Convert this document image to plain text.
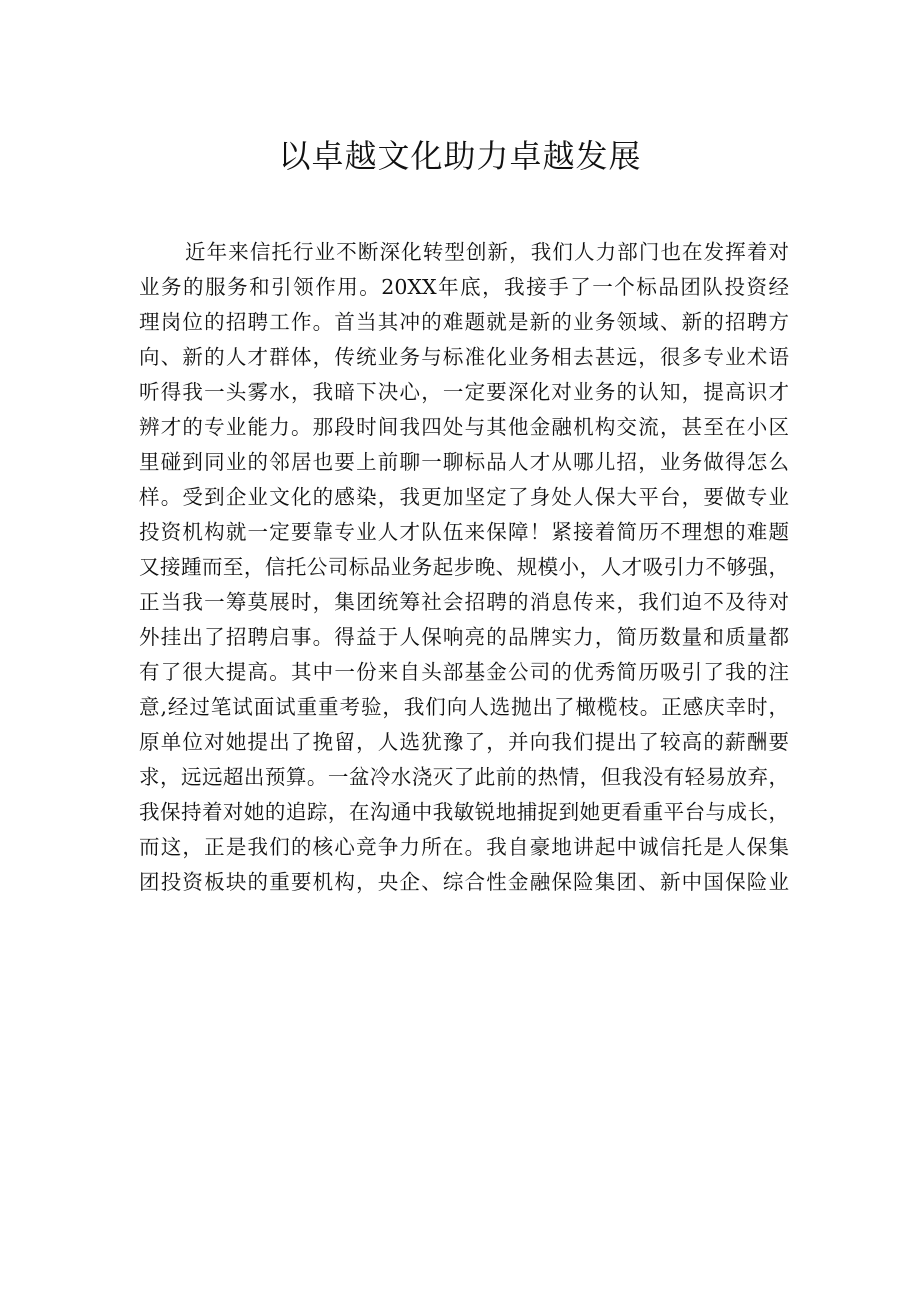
以卓越文化助力卓越发展
近年来信托行业不断深化转型创新，我们人力部门也在发挥着对
业务的服务和引领作用。20XX年底，我接手了一个标品团队投资经
理岗位的招聘工作。首当其冲的难题就是新的业务领域、新的招聘方
向、新的人才群体，传统业务与标准化业务相去甚远，很多专业术语
听得我一头雾水，我暗下决心，一定要深化对业务的认知，提高识才
辨才的专业能力。那段时间我四处与其他金融机构交流，甚至在小区
里碰到同业的邻居也要上前聊一聊标品人才从哪儿招，业务做得怎么
样。受到企业文化的感染，我更加坚定了身处人保大平台，要做专业
投资机构就一定要靠专业人才队伍来保障！紧接着简历不理想的难题
又接踵而至，信托公司标品业务起步晚、规模小，人才吸引力不够强，
正当我一筹莫展时，集团统筹社会招聘的消息传来，我们迫不及待对
外挂出了招聘启事。得益于人保响亮的品牌实力，简历数量和质量都
有了很大提高。其中一份来自头部基金公司的优秀简历吸引了我的注
意,经过笔试面试重重考验，我们向人选抛出了橄榄枝。正感庆幸时，
原单位对她提出了挽留，人选犹豫了，并向我们提出了较高的薪酬要
求，远远超出预算。一盆冷水浇灭了此前的热情，但我没有轻易放弃，
我保持着对她的追踪，在沟通中我敏锐地捕捉到她更看重平台与成长，
而这，正是我们的核心竞争力所在。我自豪地讲起中诚信托是人保集
团投资板块的重要机构，央企、综合性金融保险集团、新中国保险业
